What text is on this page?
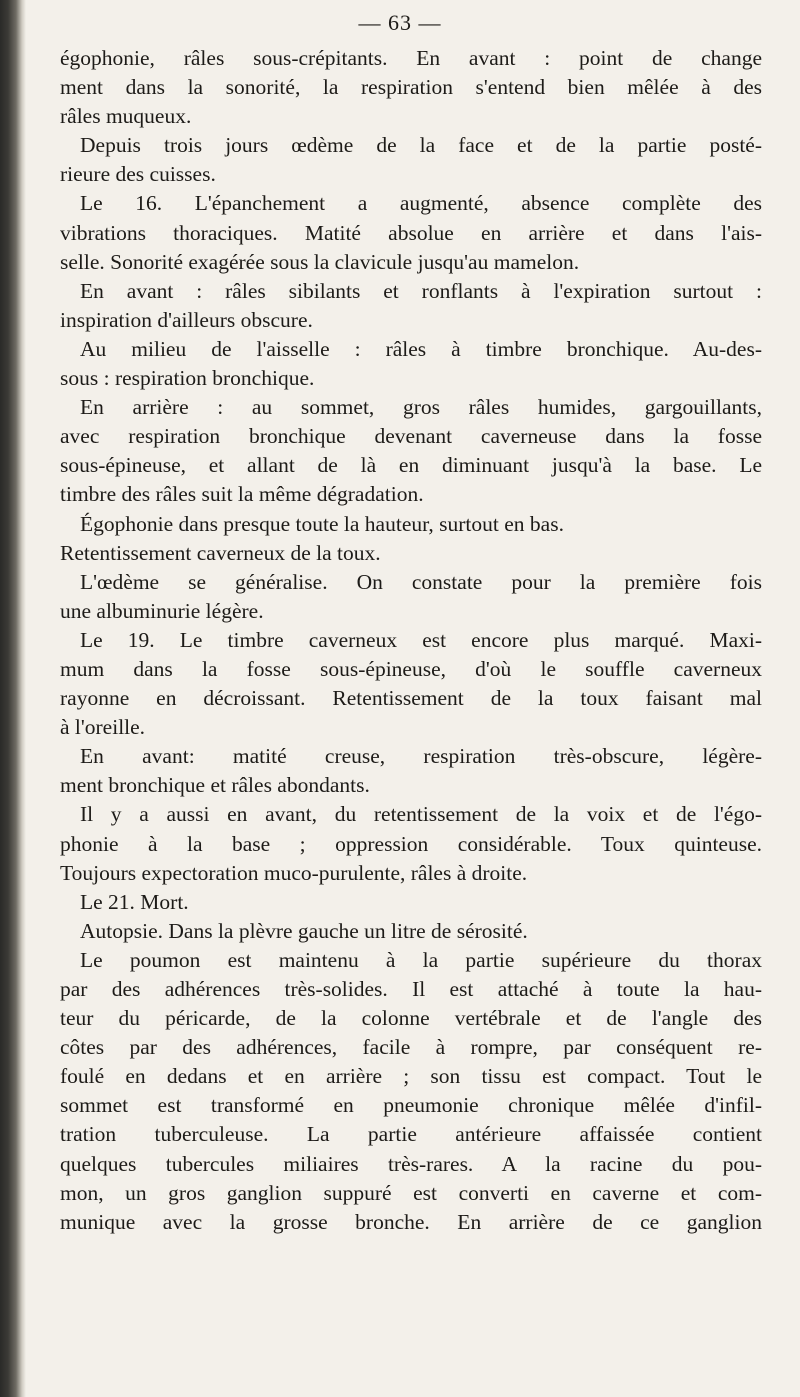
— 63 —
égophonie, râles sous-crépitants. En avant : point de change
ment dans la sonorité, la respiration s'entend bien mêlée à des
râles muqueux.
Depuis trois jours œdème de la face et de la partie posté-
rieure des cuisses.
Le 16. L'épanchement a augmenté, absence complète des
vibrations thoraciques. Matité absolue en arrière et dans l'ais-
selle. Sonorité exagérée sous la clavicule jusqu'au mamelon.
En avant : râles sibilants et ronflants à l'expiration surtout :
inspiration d'ailleurs obscure.
Au milieu de l'aisselle : râles à timbre bronchique. Au-des-
sous : respiration bronchique.
En arrière : au sommet, gros râles humides, gargouillants,
avec respiration bronchique devenant caverneuse dans la fosse
sous-épineuse, et allant de là en diminuant jusqu'à la base. Le
timbre des râles suit la même dégradation.
Égophonie dans presque toute la hauteur, surtout en bas.
Retentissement caverneux de la toux.
L'œdème se généralise. On constate pour la première fois
une albuminurie légère.
Le 19. Le timbre caverneux est encore plus marqué. Maxi-
mum dans la fosse sous-épineuse, d'où le souffle caverneux
rayonne en décroissant. Retentissement de la toux faisant mal
à l'oreille.
En avant: matité creuse, respiration très-obscure, légère-
ment bronchique et râles abondants.
Il y a aussi en avant, du retentissement de la voix et de l'égo-
phonie à la base ; oppression considérable. Toux quinteuse.
Toujours expectoration muco-purulente, râles à droite.
Le 21. Mort.
Autopsie. Dans la plèvre gauche un litre de sérosité.
Le poumon est maintenu à la partie supérieure du thorax
par des adhérences très-solides. Il est attaché à toute la hau-
teur du péricarde, de la colonne vertébrale et de l'angle des
côtes par des adhérences, facile à rompre, par conséquent re-
foulé en dedans et en arrière ; son tissu est compact. Tout le
sommet est transformé en pneumonie chronique mêlée d'infil-
tration tuberculeuse. La partie antérieure affaissée contient
quelques tubercules miliaires très-rares. A la racine du pou-
mon, un gros ganglion suppuré est converti en caverne et com-
munique avec la grosse bronche. En arrière de ce ganglion
